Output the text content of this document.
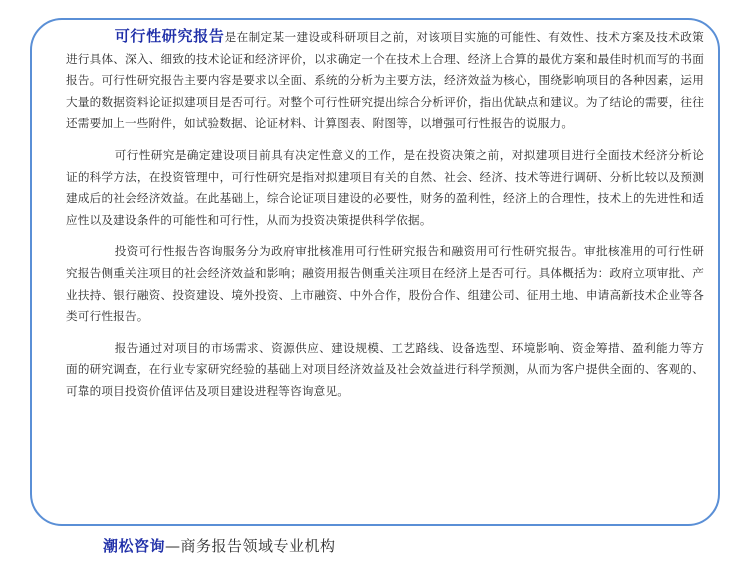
可行性研究报告是在制定某一建设或科研项目之前，对该项目实施的可能性、有效性、技术方案及技术政策进行具体、深入、细致的技术论证和经济评价，以求确定一个在技术上合理、经济上合算的最优方案和最佳时机而写的书面报告。可行性研究报告主要内容是要求以全面、系统的分析为主要方法，经济效益为核心，围绕影响项目的各种因素，运用大量的数据资料论证拟建项目是否可行。对整个可行性研究提出综合分析评价，指出优缺点和建议。为了结论的需要，往往还需要加上一些附件，如试验数据、论证材料、计算图表、附图等，以增强可行性报告的说服力。

可行性研究是确定建设项目前具有决定性意义的工作，是在投资决策之前，对拟建项目进行全面技术经济分析论证的科学方法，在投资管理中，可行性研究是指对拟建项目有关的自然、社会、经济、技术等进行调研、分析比较以及预测建成后的社会经济效益。在此基础上，综合论证项目建设的必要性，财务的盈利性，经济上的合理性，技术上的先进性和适应性以及建设条件的可能性和可行性，从而为投资决策提供科学依据。

投资可行性报告咨询服务分为政府审批核准用可行性研究报告和融资用可行性研究报告。审批核准用的可行性研究报告侧重关注项目的社会经济效益和影响；融资用报告侧重关注项目在经济上是否可行。具体概括为：政府立项审批、产业扶持、银行融资、投资建设、境外投资、上市融资、中外合作，股份合作、组建公司、征用土地、申请高新技术企业等各类可行性报告。

报告通过对项目的市场需求、资源供应、建设规模、工艺路线、设备选型、环境影响、资金筹措、盈利能力等方面的研究调查，在行业专家研究经验的基础上对项目经济效益及社会效益进行科学预测，从而为客户提供全面的、客观的、可靠的项目投资价值评估及项目建设进程等咨询意见。

潮松咨询—商务报告领域专业机构
